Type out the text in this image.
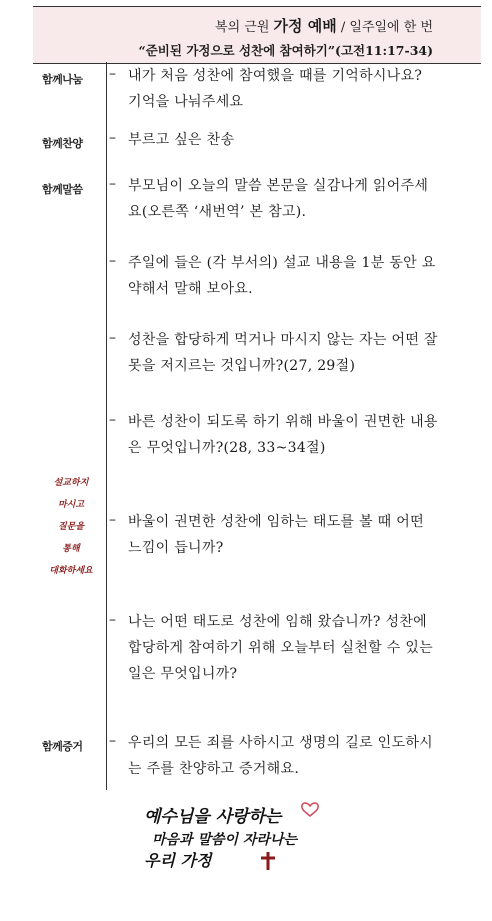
복의 근원 가정 예배 / 일주일에 한 번
“준비된 가정으로 성찬에 참여하기”(고전11:17-34)
함께나눔 – 내가 처음 성찬에 참여했을 때를 기억하시나요? 기억을 나눠주세요
함께찬양 – 부르고 싶은 찬송
함께말씀 – 부모님이 오늘의 말씀 본문을 실감나게 읽어주세요(오른쪽 ‘새번역’ 본 참고).
– 주일에 들은 (각 부서의) 설교 내용을 1분 동안 요약해서 말해 보아요.
– 성찬을 합당하게 먹거나 마시지 않는 자는 어떤 잘못을 저지르는 것입니까?(27, 29절)
– 바른 성찬이 되도록 하기 위해 바울이 권면한 내용은 무엇입니까?(28, 33~34절)
– 바울이 권면한 성찬에 임하는 태도를 볼 때 어떤 느낌이 듭니까?
– 나는 어떤 태도로 성찬에 임해 왔습니까? 성찬에 합당하게 참여하기 위해 오늘부터 실천할 수 있는 일은 무엇입니까?
설교하지
마시고
질문을
통해
대화하세요
함께증거 – 우리의 모든 죄를 사하시고 생명의 길로 인도하시는 주를 찬양하고 증거해요.
예수님을 사랑하는
마음과 말씀이 자라나는
우리 가정
